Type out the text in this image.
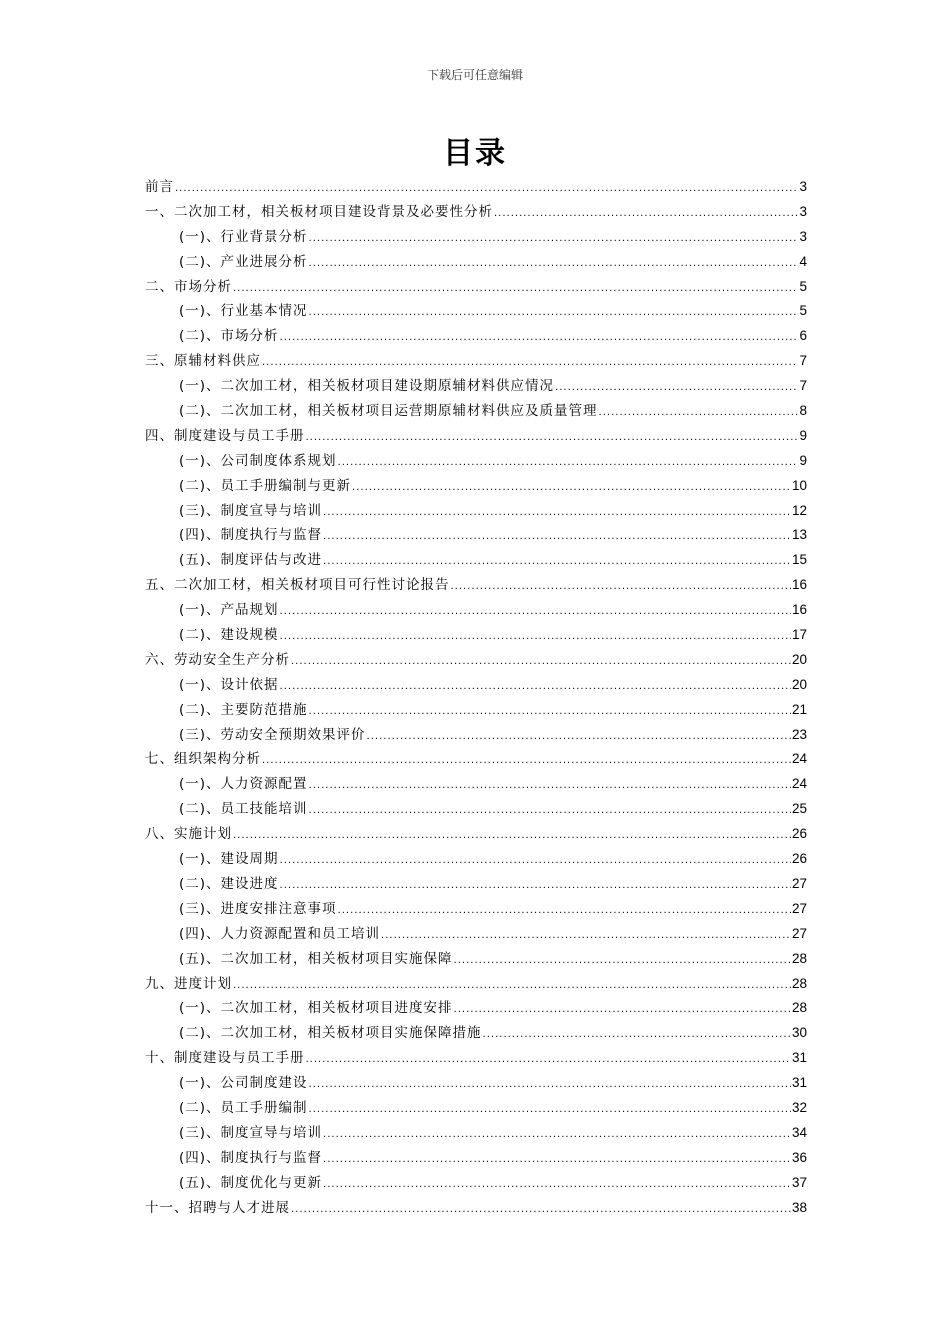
下载后可任意编辑
目录
前言 .....	3
一、二次加工材，相关板材项目建设背景及必要性分析 .....	3
(一)、行业背景分析 .....	3
(二)、产业进展分析 .....	4
二、市场分析 .....	5
(一)、行业基本情况 .....	5
(二)、市场分析 .....	6
三、原辅材料供应 .....	7
(一)、二次加工材，相关板材项目建设期原辅材料供应情况 .....	7
(二)、二次加工材，相关板材项目运营期原辅材料供应及质量管理 .....	8
四、制度建设与员工手册 .....	9
(一)、公司制度体系规划 .....	9
(二)、员工手册编制与更新 .....	10
(三)、制度宣导与培训 .....	12
(四)、制度执行与监督 .....	13
(五)、制度评估与改进 .....	15
五、二次加工材，相关板材项目可行性讨论报告 .....	16
(一)、产品规划 .....	16
(二)、建设规模 .....	17
六、劳动安全生产分析 .....	20
(一)、设计依据 .....	20
(二)、主要防范措施 .....	21
(三)、劳动安全预期效果评价 .....	23
七、组织架构分析 .....	24
(一)、人力资源配置 .....	24
(二)、员工技能培训 .....	25
八、实施计划 .....	26
(一)、建设周期 .....	26
(二)、建设进度 .....	27
(三)、进度安排注意事项 .....	27
(四)、人力资源配置和员工培训 .....	27
(五)、二次加工材，相关板材项目实施保障 .....	28
九、进度计划 .....	28
(一)、二次加工材，相关板材项目进度安排 .....	28
(二)、二次加工材，相关板材项目实施保障措施 .....	30
十、制度建设与员工手册 .....	31
(一)、公司制度建设 .....	31
(二)、员工手册编制 .....	32
(三)、制度宣导与培训 .....	34
(四)、制度执行与监督 .....	36
(五)、制度优化与更新 .....	37
十一、招聘与人才进展 .....	38
